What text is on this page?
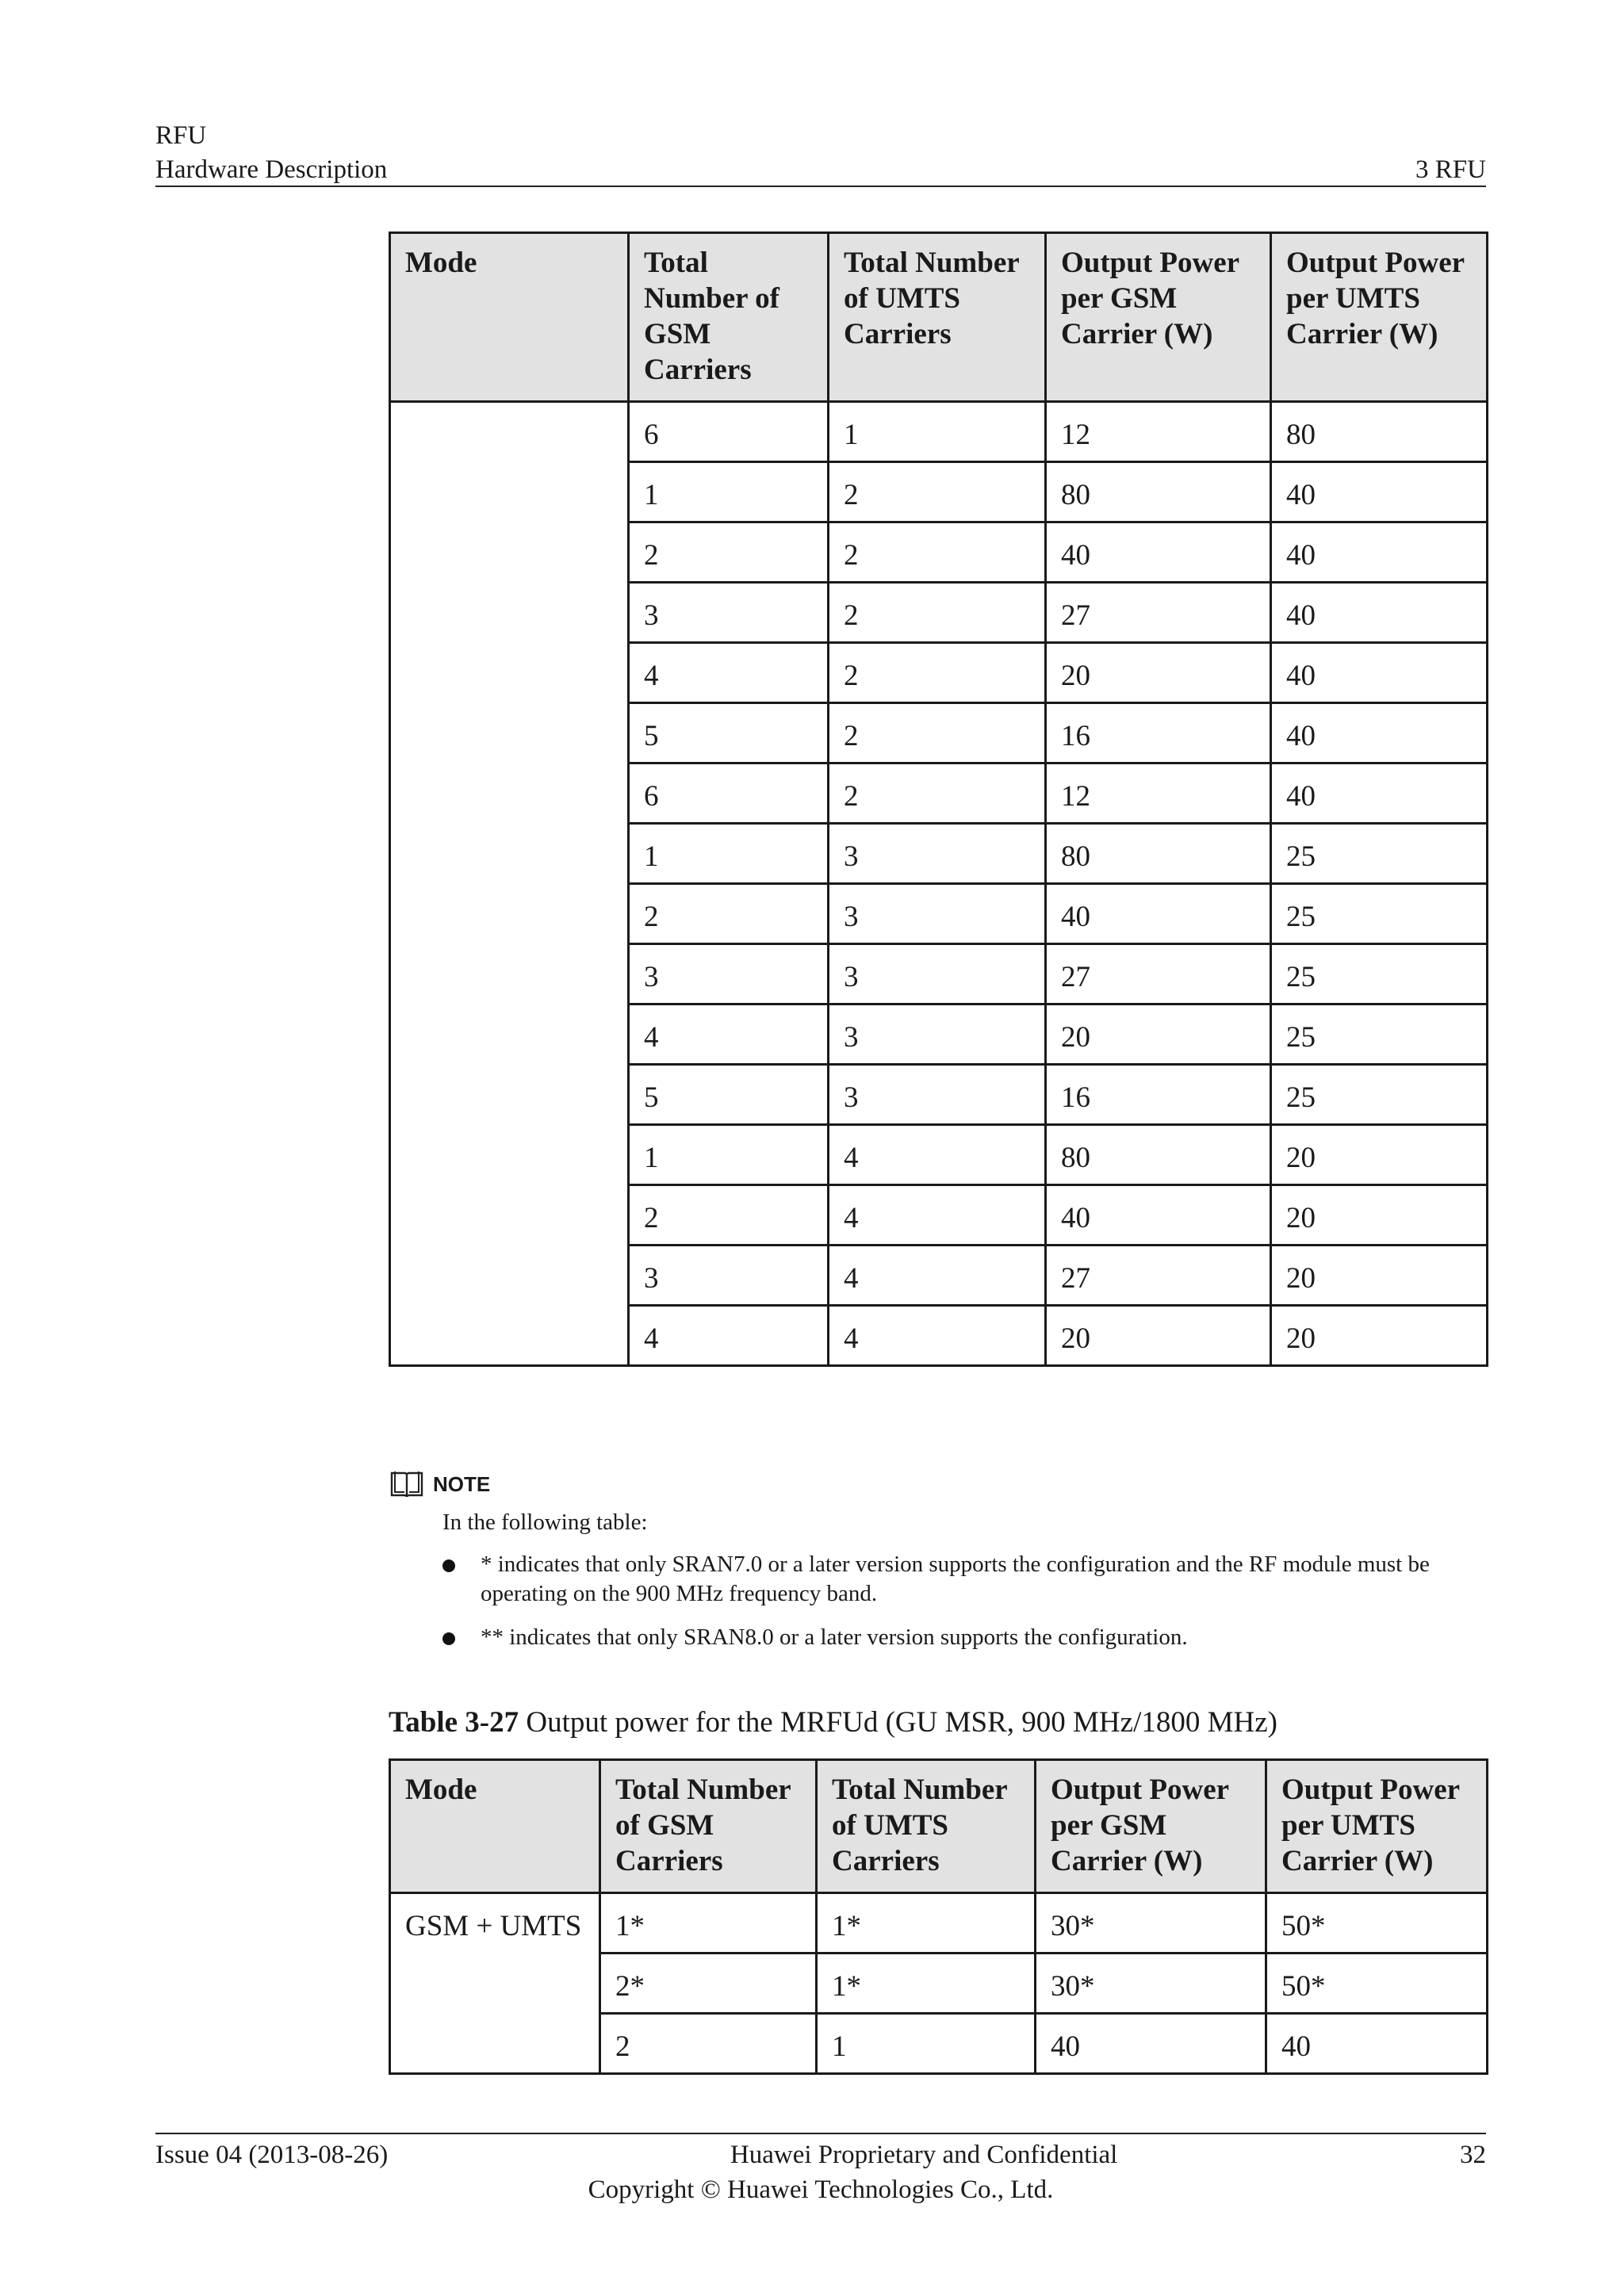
RFU
Hardware Description	3 RFU
Mode	Total Number of GSM Carriers	Total Number of UMTS Carriers	Output Power per GSM Carrier (W)	Output Power per UMTS Carrier (W)
	6	1	12	80
	1	2	80	40
	2	2	40	40
	3	2	27	40
	4	2	20	40
	5	2	16	40
	6	2	12	40
	1	3	80	25
	2	3	40	25
	3	3	27	25
	4	3	20	25
	5	3	16	25
	1	4	80	20
	2	4	40	20
	3	4	27	20
	4	4	20	20
NOTE
In the following table:
* indicates that only SRAN7.0 or a later version supports the configuration and the RF module must be operating on the 900 MHz frequency band.
** indicates that only SRAN8.0 or a later version supports the configuration.
Table 3-27 Output power for the MRFUd (GU MSR, 900 MHz/1800 MHz)
Mode	Total Number of GSM Carriers	Total Number of UMTS Carriers	Output Power per GSM Carrier (W)	Output Power per UMTS Carrier (W)
GSM + UMTS	1*	1*	30*	50*
	2*	1*	30*	50*
	2	1	40	40
Issue 04 (2013-08-26)	Huawei Proprietary and Confidential	32
Copyright © Huawei Technologies Co., Ltd.
